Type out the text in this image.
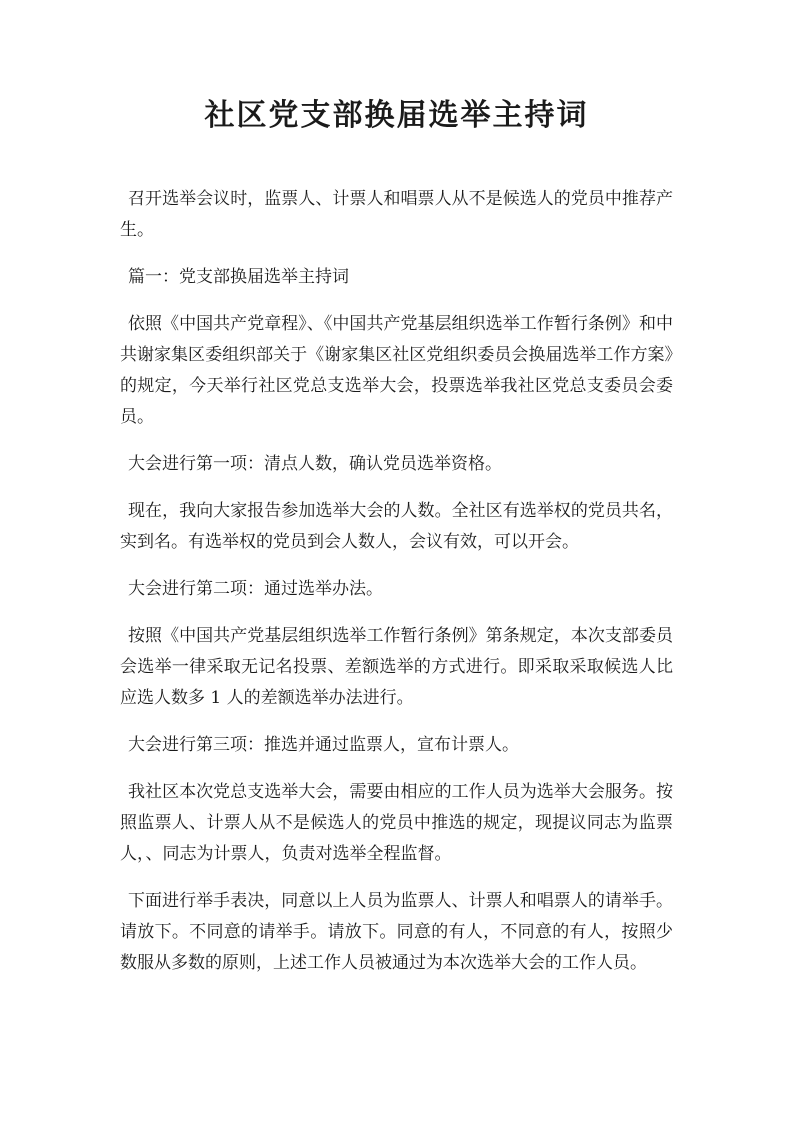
社区党支部换届选举主持词

召开选举会议时，监票人、计票人和唱票人从不是候选人的党员中推荐产生。

篇一：党支部换届选举主持词

依照《中国共产党章程》、《中国共产党基层组织选举工作暂行条例》和中共谢家集区委组织部关于《谢家集区社区党组织委员会换届选举工作方案》的规定，今天举行社区党总支选举大会，投票选举我社区党总支委员会委员。

大会进行第一项：清点人数，确认党员选举资格。

现在，我向大家报告参加选举大会的人数。全社区有选举权的党员共名，实到名。有选举权的党员到会人数人，会议有效，可以开会。

大会进行第二项：通过选举办法。

按照《中国共产党基层组织选举工作暂行条例》第条规定，本次支部委员会选举一律采取无记名投票、差额选举的方式进行。即采取采取候选人比应选人数多 1 人的差额选举办法进行。

大会进行第三项：推选并通过监票人，宣布计票人。

我社区本次党总支选举大会，需要由相应的工作人员为选举大会服务。按照监票人、计票人从不是候选人的党员中推选的规定，现提议同志为监票人，、同志为计票人，负责对选举全程监督。

下面进行举手表决，同意以上人员为监票人、计票人和唱票人的请举手。请放下。不同意的请举手。请放下。同意的有人，不同意的有人，按照少数服从多数的原则，上述工作人员被通过为本次选举大会的工作人员。
